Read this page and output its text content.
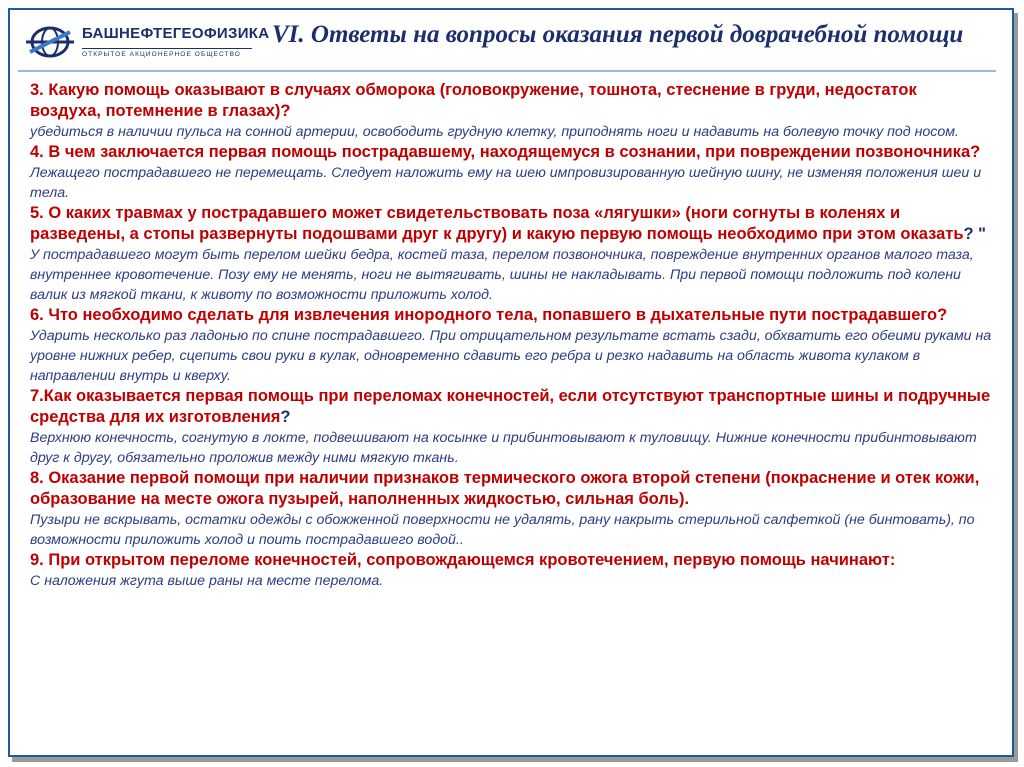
БАШНЕФТЕГЕОФИЗИКА
ОТКРЫТОЕ АКЦИОНЕРНОЕ ОБЩЕСТВО
VI. Ответы на вопросы оказания первой доврачебной помощи
3. Какую помощь оказывают в случаях обморока (головокружение, тошнота, стеснение в груди, недостаток воздуха, потемнение в глазах)?
убедиться в наличии пульса на сонной артерии, освободить грудную клетку, приподнять ноги и надавить на болевую точку под носом.
4. В чем заключается первая помощь пострадавшему, находящемуся в сознании, при повреждении позвоночника?
Лежащего пострадавшего не перемещать. Следует наложить ему на шею импровизированную шейную шину, не изменяя положения шеи и тела.
5. О каких травмах у пострадавшего может свидетельствовать поза «лягушки» (ноги согнуты в коленях и разведены, а стопы развернуты подошвами друг к другу) и какую первую помощь необходимо при этом оказать? "
У пострадавшего могут быть перелом шейки бедра, костей таза, перелом позвоночника, повреждение внутренних органов малого таза, внутреннее кровотечение. Позу ему не менять, ноги не вытягивать, шины не накладывать. При первой помощи подложить под колени валик из мягкой ткани, к животу по возможности приложить холод.
6. Что необходимо сделать для извлечения инородного тела, попавшего в дыхательные пути пострадавшего?
Ударить несколько раз ладонью по спине пострадавшего. При отрицательном результате встать сзади, обхватить его обеими руками на уровне нижних ребер, сцепить свои руки в кулак, одновременно сдавить его ребра и резко надавить на область живота кулаком в направлении внутрь и кверху.
7.Как оказывается первая помощь при переломах конечностей, если отсутствуют транспортные шины и подручные средства для их изготовления?
Верхнюю конечность, согнутую в локте, подвешивают на косынке и прибинтовывают к туловищу. Нижние конечности прибинтовывают друг к другу, обязательно проложив между ними мягкую ткань.
8. Оказание первой помощи при наличии признаков термического ожога второй степени (покраснение и отек кожи, образование на месте ожога пузырей, наполненных жидкостью, сильная боль).
Пузыри не вскрывать, остатки одежды с обожженной поверхности не удалять, рану накрыть стерильной салфеткой (не бинтовать), по возможности приложить холод и поить пострадавшего водой..
9. При открытом переломе конечностей, сопровождающемся кровотечением, первую помощь начинают:
С наложения жгута выше раны на месте перелома.
